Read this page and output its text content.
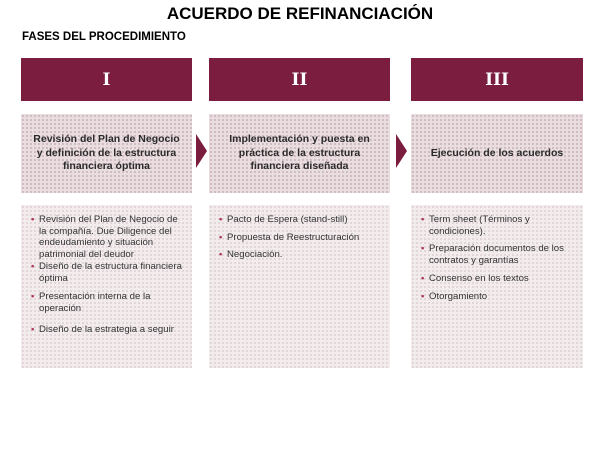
ACUERDO DE REFINANCIACIÓN
FASES DEL PROCEDIMIENTO
I	II	III
Revisión del Plan de Negocio y definición de la estructura financiera óptima
Implementación y puesta en práctica de la estructura financiera diseñada
Ejecución de los acuerdos
• Revisión del Plan de Negocio de la compañía. Due Diligence del endeudamiento y situación patrimonial del deudor
• Diseño de la estructura financiera óptima
• Presentación interna de la operación
• Diseño de la estrategia a seguir
• Pacto de Espera (stand-still)
• Propuesta de Reestructuración
• Negociación.
• Term sheet (Términos y condiciones).
• Preparación documentos de los contratos y garantías
• Consenso en los textos
• Otorgamiento
